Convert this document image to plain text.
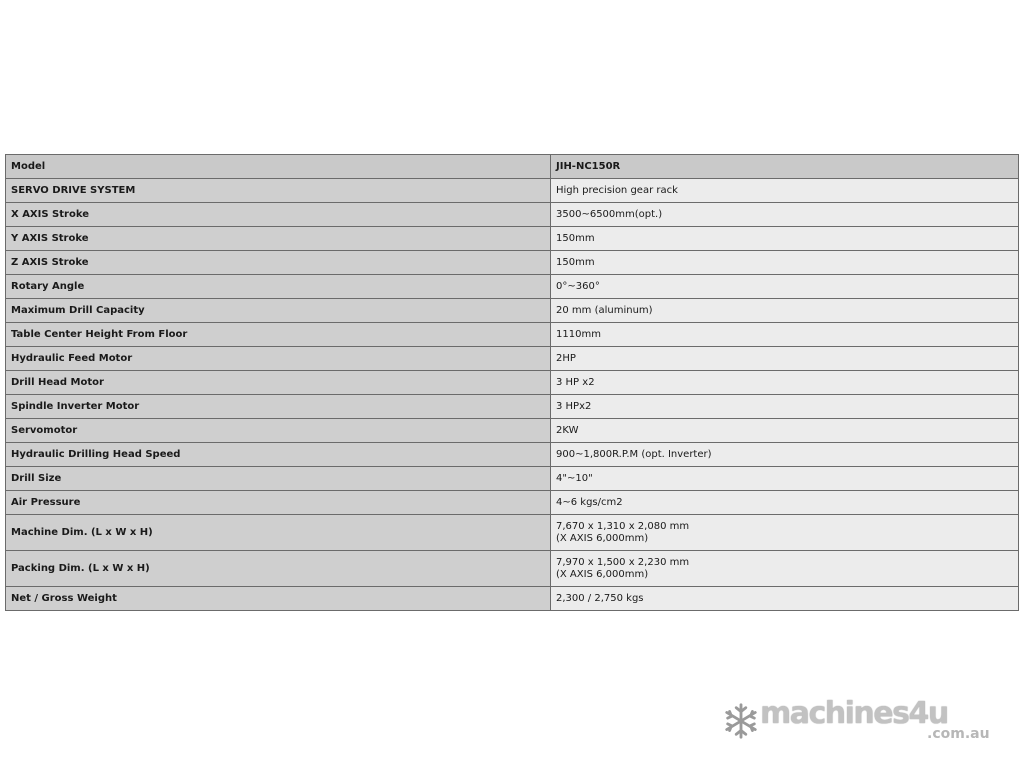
Model	JIH-NC150R
SERVO DRIVE SYSTEM	High precision gear rack

X AXIS Stroke	3500~6500mm(opt.)

Y AXIS Stroke	150mm

Z AXIS Stroke	150mm

Rotary Angle	0°~360°

Maximum Drill Capacity	20 mm (aluminum)

Table Center Height From Floor	1110mm

Hydraulic Feed Motor	2HP

Drill Head Motor	3 HP x2

Spindle Inverter Motor	3 HPx2

Servomotor	2KW

Hydraulic Drilling Head Speed	900~1,800R.P.M (opt. Inverter)

Drill Size	4"~10"

Air Pressure	4~6 kgs/cm2

Machine Dim. (L x W x H)	7,670 x 1,310 x 2,080 mm
(X AXIS 6,000mm)

Packing Dim. (L x W x H)	7,970 x 1,500 x 2,230 mm
(X AXIS 6,000mm)

Net / Gross Weight	2,300 / 2,750 kgs
machines4u
.com.au
